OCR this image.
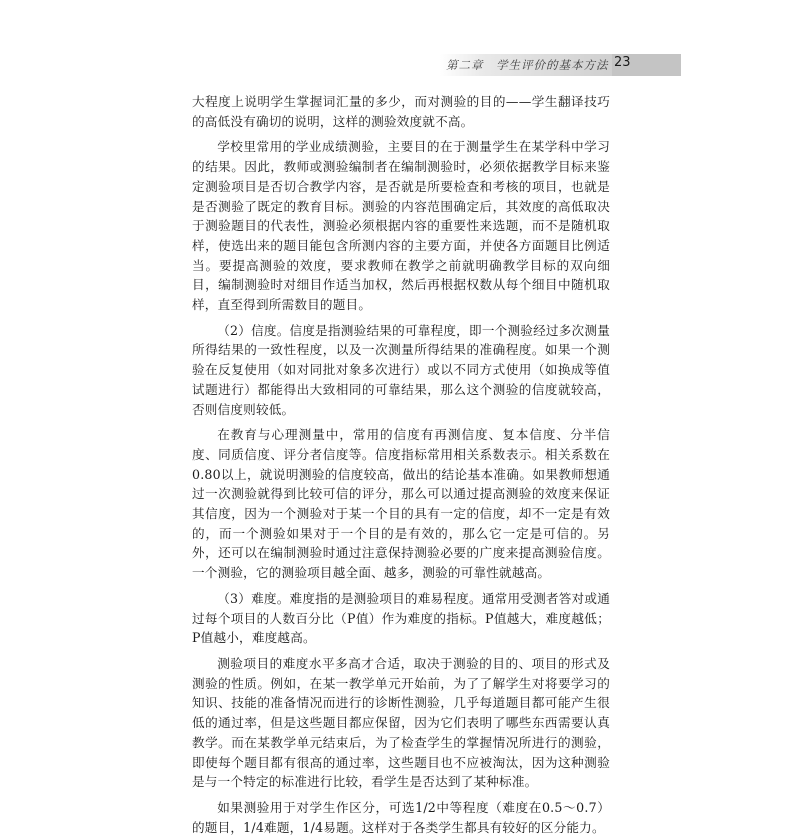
第二章　学生评价的基本方法 23

大程度上说明学生掌握词汇量的多少，而对测验的目的——学生翻译技巧的高低没有确切的说明，这样的测验效度就不高。

学校里常用的学业成绩测验，主要目的在于测量学生在某学科中学习的结果。因此，教师或测验编制者在编制测验时，必须依据教学目标来鉴定测验项目是否切合教学内容，是否就是所要检查和考核的项目，也就是是否测验了既定的教育目标。测验的内容范围确定后，其效度的高低取决于测验题目的代表性，测验必须根据内容的重要性来选题，而不是随机取样，使选出来的题目能包含所测内容的主要方面，并使各方面题目比例适当。要提高测验的效度，要求教师在教学之前就明确教学目标的双向细目，编制测验时对细目作适当加权，然后再根据权数从每个细目中随机取样，直至得到所需数目的题目。

（2）信度。信度是指测验结果的可靠程度，即一个测验经过多次测量所得结果的一致性程度，以及一次测量所得结果的准确程度。如果一个测验在反复使用（如对同批对象多次进行）或以不同方式使用（如换成等值试题进行）都能得出大致相同的可靠结果，那么这个测验的信度就较高，否则信度则较低。

在教育与心理测量中，常用的信度有再测信度、复本信度、分半信度、同质信度、评分者信度等。信度指标常用相关系数表示。相关系数在0.80以上，就说明测验的信度较高，做出的结论基本准确。如果教师想通过一次测验就得到比较可信的评分，那么可以通过提高测验的效度来保证其信度，因为一个测验对于某一个目的具有一定的信度，却不一定是有效的，而一个测验如果对于一个目的是有效的，那么它一定是可信的。另外，还可以在编制测验时通过注意保持测验必要的广度来提高测验信度。一个测验，它的测验项目越全面、越多，测验的可靠性就越高。

（3）难度。难度指的是测验项目的难易程度。通常用受测者答对或通过每个项目的人数百分比（P值）作为难度的指标。P值越大，难度越低；P值越小，难度越高。

测验项目的难度水平多高才合适，取决于测验的目的、项目的形式及测验的性质。例如，在某一教学单元开始前，为了了解学生对将要学习的知识、技能的准备情况而进行的诊断性测验，几乎每道题目都可能产生很低的通过率，但是这些题目都应保留，因为它们表明了哪些东西需要认真教学。而在某教学单元结束后，为了检查学生的掌握情况所进行的测验，即使每个题目都有很高的通过率，这些题目也不应被淘汰，因为这种测验是与一个特定的标准进行比较，看学生是否达到了某种标准。

如果测验用于对学生作区分，可选1/2中等程度（难度在0.5～0.7）的题目，1/4难题，1/4易题。这样对于各类学生都具有较好的区分能力。
